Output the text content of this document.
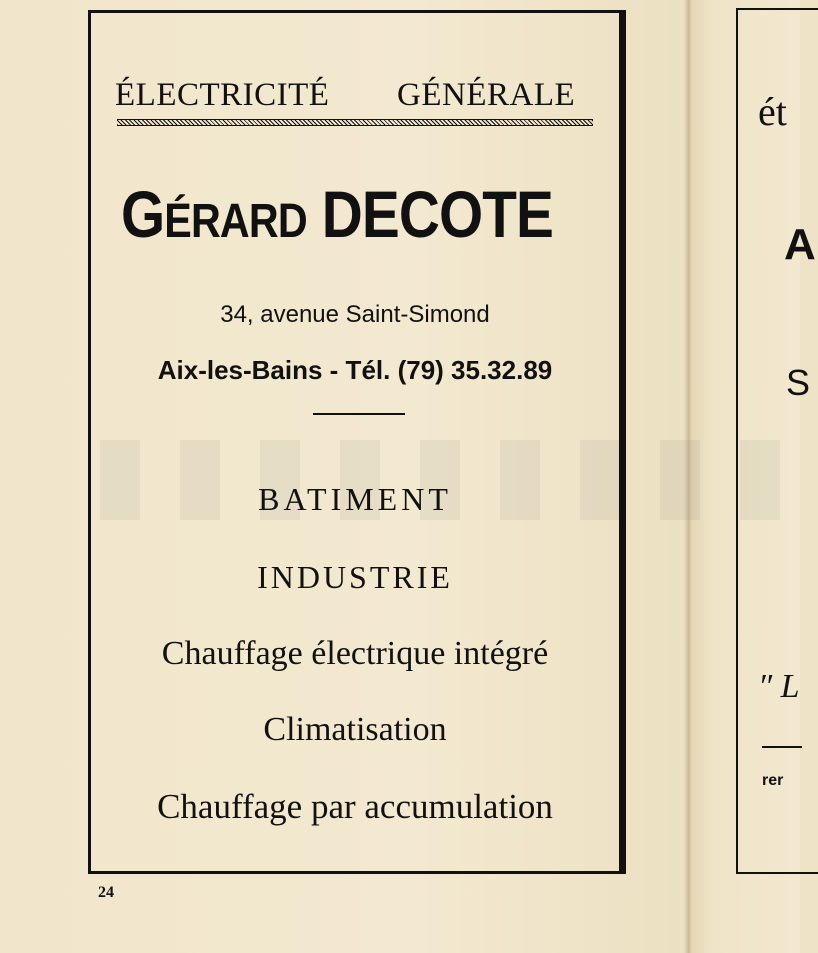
ÉLECTRICITÉ GÉNÉRALE
GÉRARD DECOTE
34, avenue Saint-Simond
Aix-les-Bains - Tél. (79) 35.32.89
BATIMENT
INDUSTRIE
Chauffage électrique intégré
Climatisation
Chauffage par accumulation
24
ét
A
S
″ L
rer
